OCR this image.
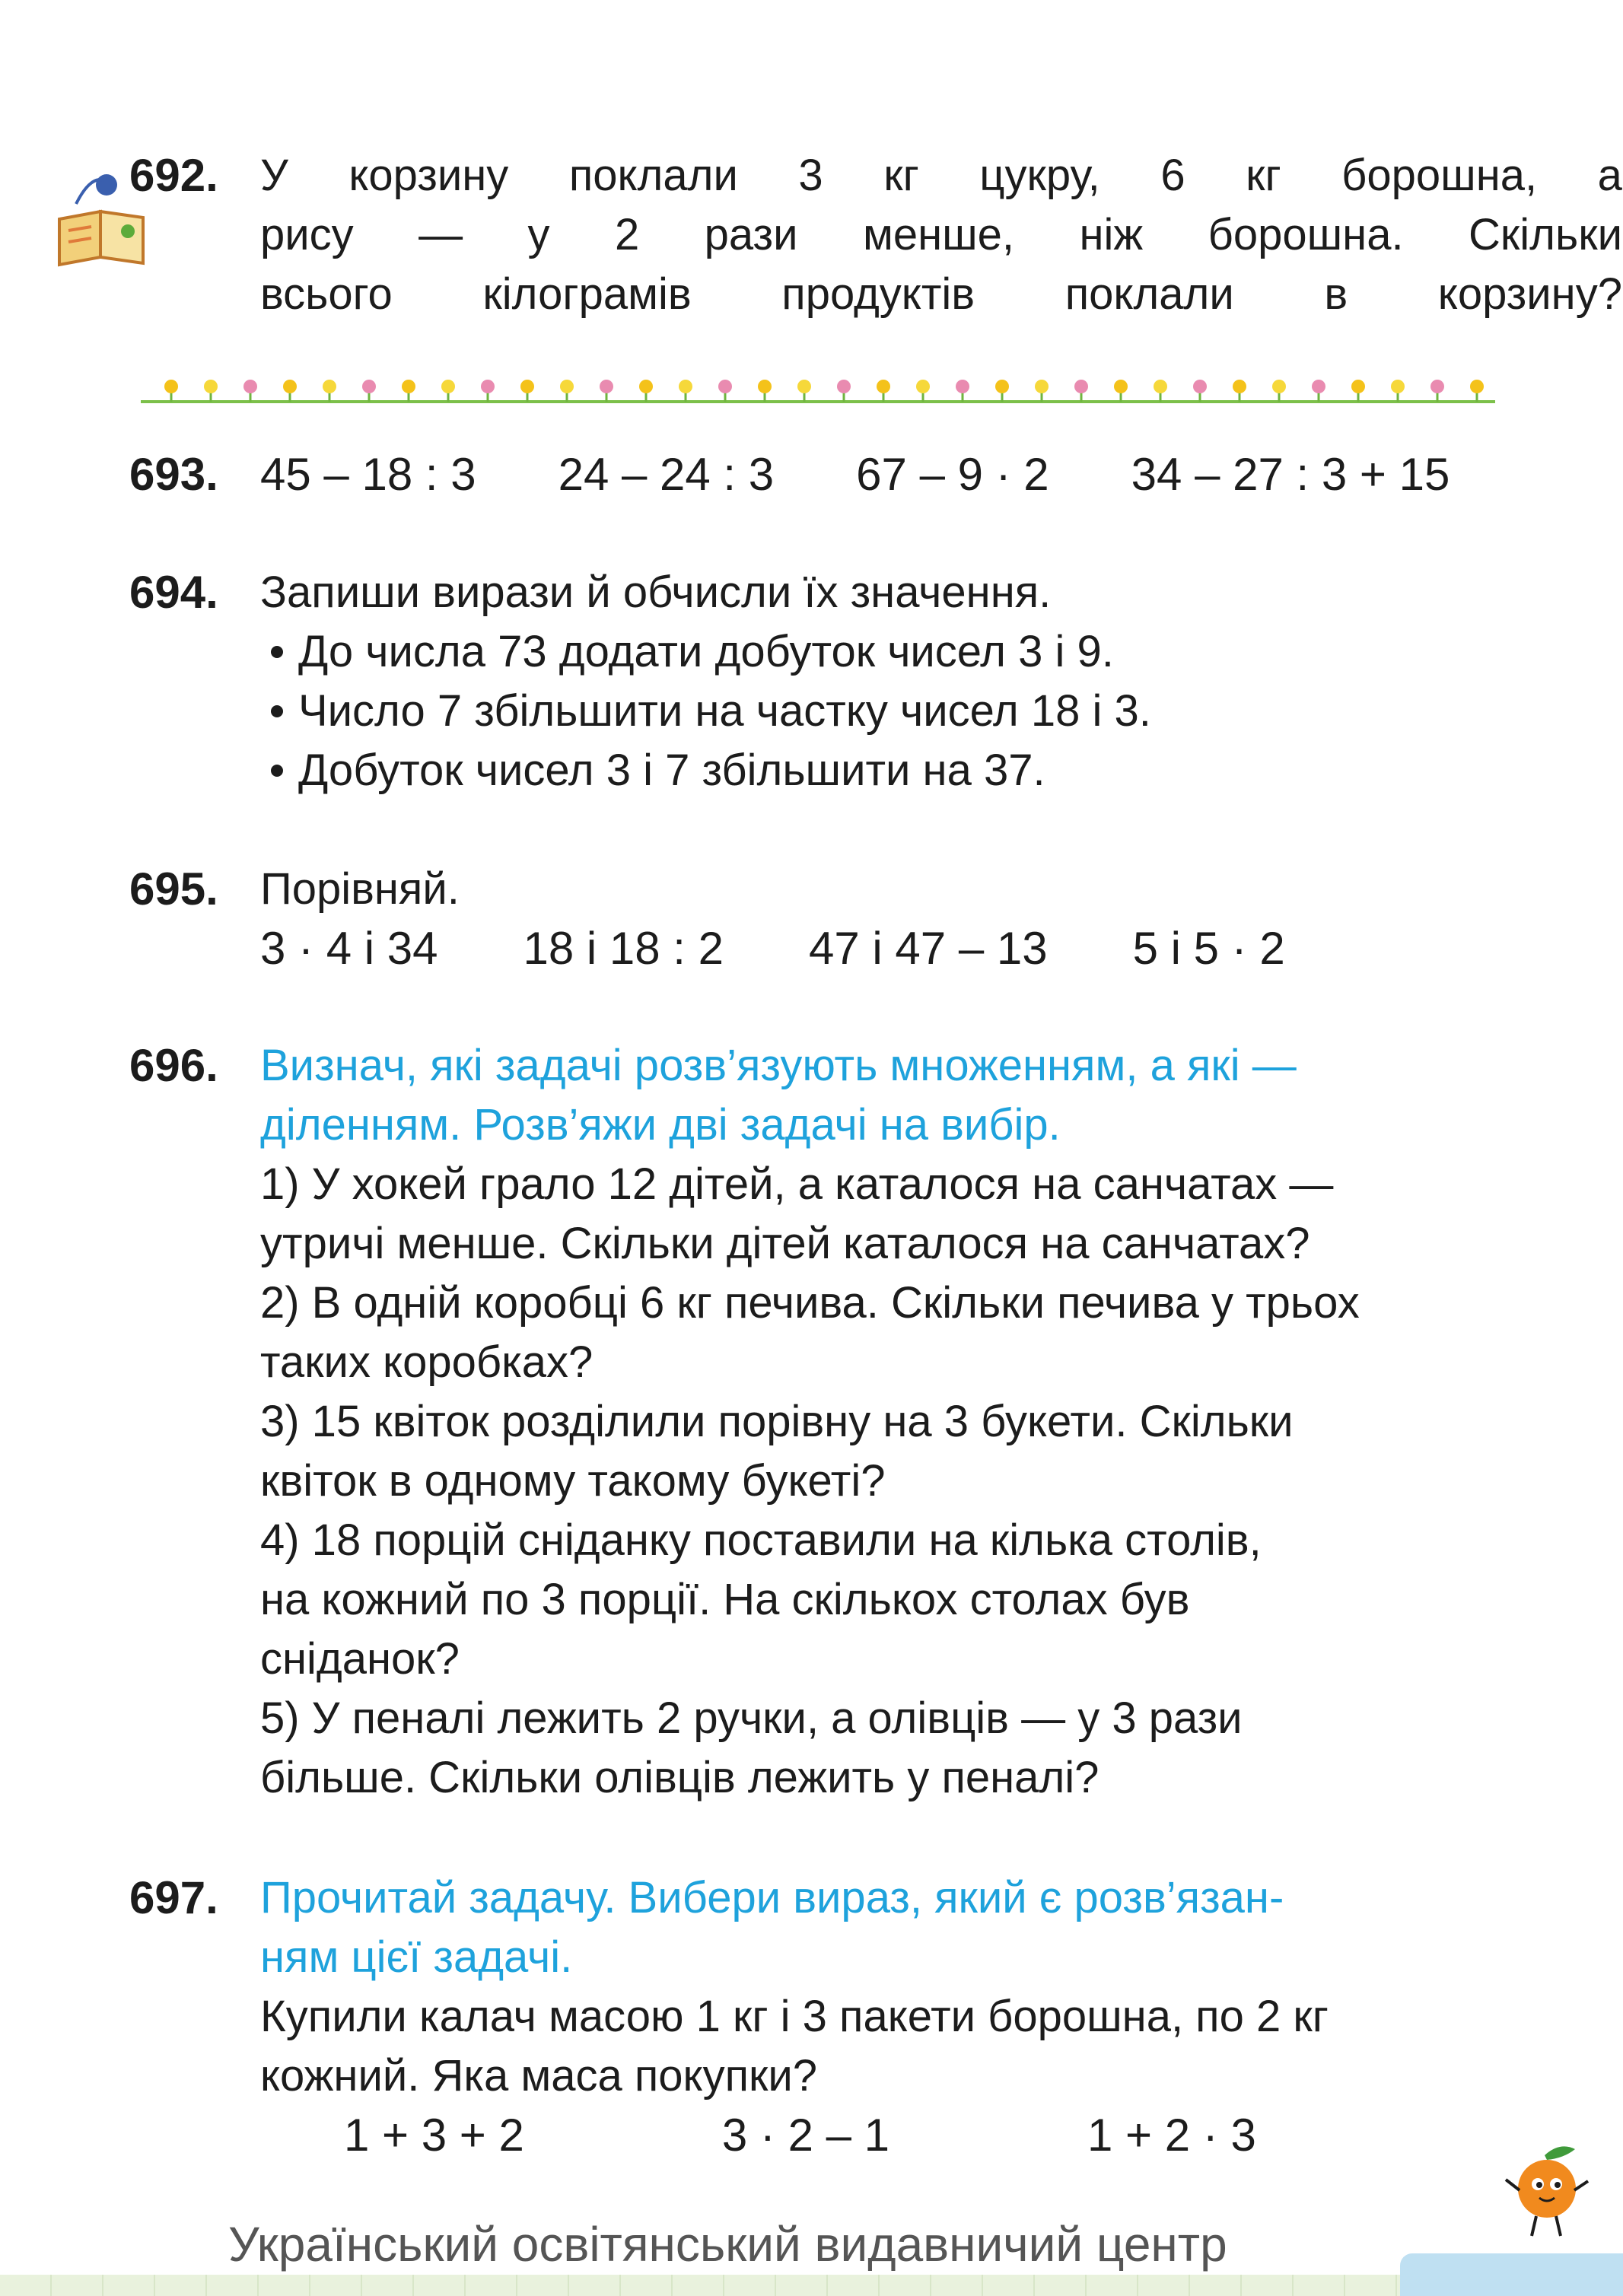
692. У корзину поклали 3 кг цукру, 6 кг борошна, а
рису — у 2 рази менше, ніж борошна. Скільки
всього кілограмів продуктів поклали в корзину?
693. 45 – 18 : 3 24 – 24 : 3 67 – 9 · 2 34 – 27 : 3 + 15
694. Запиши вирази й обчисли їх значення.
До числа 73 додати добуток чисел 3 і 9.
Число 7 збільшити на частку чисел 18 і 3.
Добуток чисел 3 і 7 збільшити на 37.
695. Порівняй.
3 · 4 і 34 18 і 18 : 2 47 і 47 – 13 5 і 5 · 2
696. Визнач, які задачі розв’язують множенням, а які —
діленням. Розв’яжи дві задачі на вибір.
1) У хокей грало 12 дітей, а каталося на санчатах —
утричі менше. Скільки дітей каталося на санчатах?
2) В одній коробці 6 кг печива. Скільки печива у трьох
таких коробках?
3) 15 квіток розділили порівну на 3 букети. Скільки
квіток в одному такому букеті?
4) 18 порцій сніданку поставили на кілька столів,
на кожний по 3 порції. На скількох столах був
сніданок?
5) У пеналі лежить 2 ручки, а олівців — у 3 рази
більше. Скільки олівців лежить у пеналі?
697. Прочитай задачу. Вибери вираз, який є розв’язан-
ням цієї задачі.
Купили калач масою 1 кг і 3 пакети борошна, по 2 кг
кожний. Яка маса покупки?
1 + 3 + 2	3 · 2 – 1	1 + 2 · 3
Український освітянський видавничий центр
